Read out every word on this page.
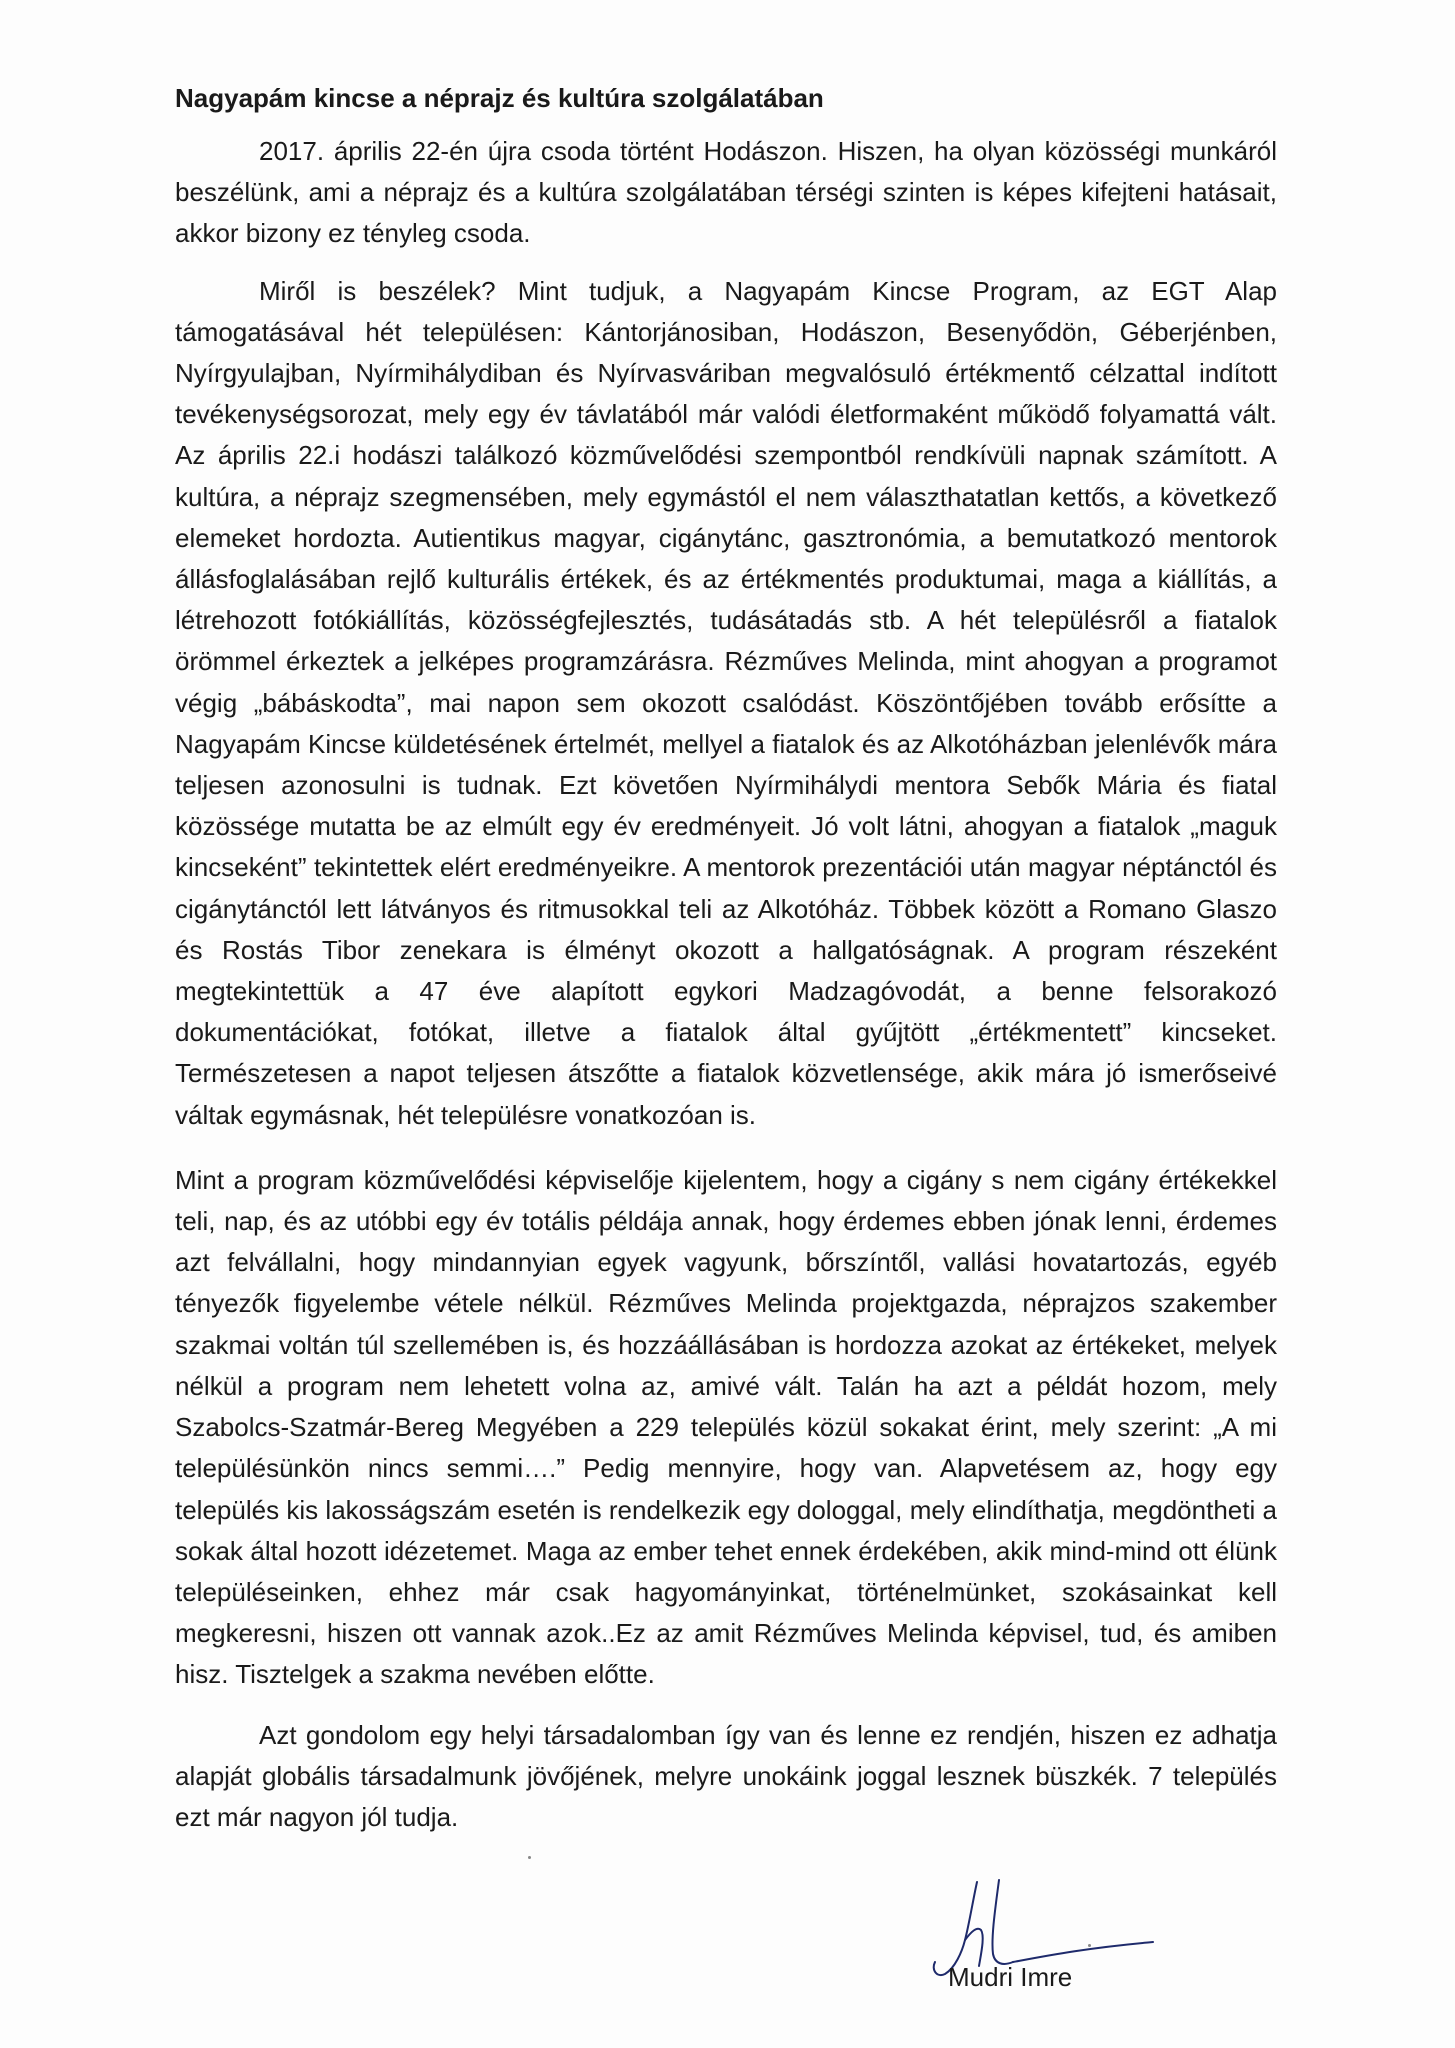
Nagyapám kincse a néprajz és kultúra szolgálatában

2017. április 22-én újra csoda történt Hodászon. Hiszen, ha olyan közösségi munkáról beszélünk, ami a néprajz és a kultúra szolgálatában térségi szinten is képes kifejteni hatásait, akkor bizony ez tényleg csoda.

Miről is beszélek? Mint tudjuk, a Nagyapám Kincse Program, az EGT Alap támogatásával hét településen: Kántorjánosiban, Hodászon, Besenyődön, Géberjénben, Nyírgyulajban, Nyírmihálydiban és Nyírvasváriban megvalósuló értékmentő célzattal indított tevékenységsorozat, mely egy év távlatából már valódi életformaként működő folyamattá vált. Az április 22.i hodászi találkozó közművelődési szempontból rendkívüli napnak számított. A kultúra, a néprajz szegmensében, mely egymástól el nem választhatatlan kettős, a következő elemeket hordozta. Autientikus magyar, cigánytánc, gasztronómia, a bemutatkozó mentorok állásfoglalásában rejlő kulturális értékek, és az értékmentés produktumai, maga a kiállítás, a létrehozott fotókiállítás, közösségfejlesztés, tudásátadás stb. A hét településről a fiatalok örömmel érkeztek a jelképes programzárásra. Rézműves Melinda, mint ahogyan a programot végig „bábáskodta”, mai napon sem okozott csalódást. Köszöntőjében tovább erősítte a Nagyapám Kincse küldetésének értelmét, mellyel a fiatalok és az Alkotóházban jelenlévők mára teljesen azonosulni is tudnak. Ezt követően Nyírmihálydi mentora Sebők Mária és fiatal közössége mutatta be az elmúlt egy év eredményeit. Jó volt látni, ahogyan a fiatalok „maguk kincseként” tekintettek elért eredményeikre. A mentorok prezentációi után magyar néptánctól és cigánytánctól lett látványos és ritmusokkal teli az Alkotóház. Többek között a Romano Glaszo és Rostás Tibor zenekara is élményt okozott a hallgatóságnak. A program részeként megtekintettük a 47 éve alapított egykori Madzagóvodát, a benne felsorakozó dokumentációkat, fotókat, illetve a fiatalok által gyűjtött „értékmentett” kincseket. Természetesen a napot teljesen átszőtte a fiatalok közvetlensége, akik mára jó ismerőseivé váltak egymásnak, hét településre vonatkozóan is.

Mint a program közművelődési képviselője kijelentem, hogy a cigány s nem cigány értékekkel teli, nap, és az utóbbi egy év totális példája annak, hogy érdemes ebben jónak lenni, érdemes azt felvállalni, hogy mindannyian egyek vagyunk, bőrszíntől, vallási hovatartozás, egyéb tényezők figyelembe vétele nélkül. Rézműves Melinda projektgazda, néprajzos szakember szakmai voltán túl szellemében is, és hozzáállásában is hordozza azokat az értékeket, melyek nélkül a program nem lehetett volna az, amivé vált. Talán ha azt a példát hozom, mely Szabolcs-Szatmár-Bereg Megyében a 229 település közül sokakat érint, mely szerint: „A mi településünkön nincs semmi….” Pedig mennyire, hogy van. Alapvetésem az, hogy egy település kis lakosságszám esetén is rendelkezik egy dologgal, mely elindíthatja, megdöntheti a sokak által hozott idézetemet. Maga az ember tehet ennek érdekében, akik mind-mind ott élünk településeinken, ehhez már csak hagyományinkat, történelmünket, szokásainkat kell megkeresni, hiszen ott vannak azok..Ez az amit Rézműves Melinda képvisel, tud, és amiben hisz. Tisztelgek a szakma nevében előtte.

Azt gondolom egy helyi társadalomban így van és lenne ez rendjén, hiszen ez adhatja alapját globális társadalmunk jövőjének, melyre unokáink joggal lesznek büszkék. 7 település ezt már nagyon jól tudja.

Mudri Imre
